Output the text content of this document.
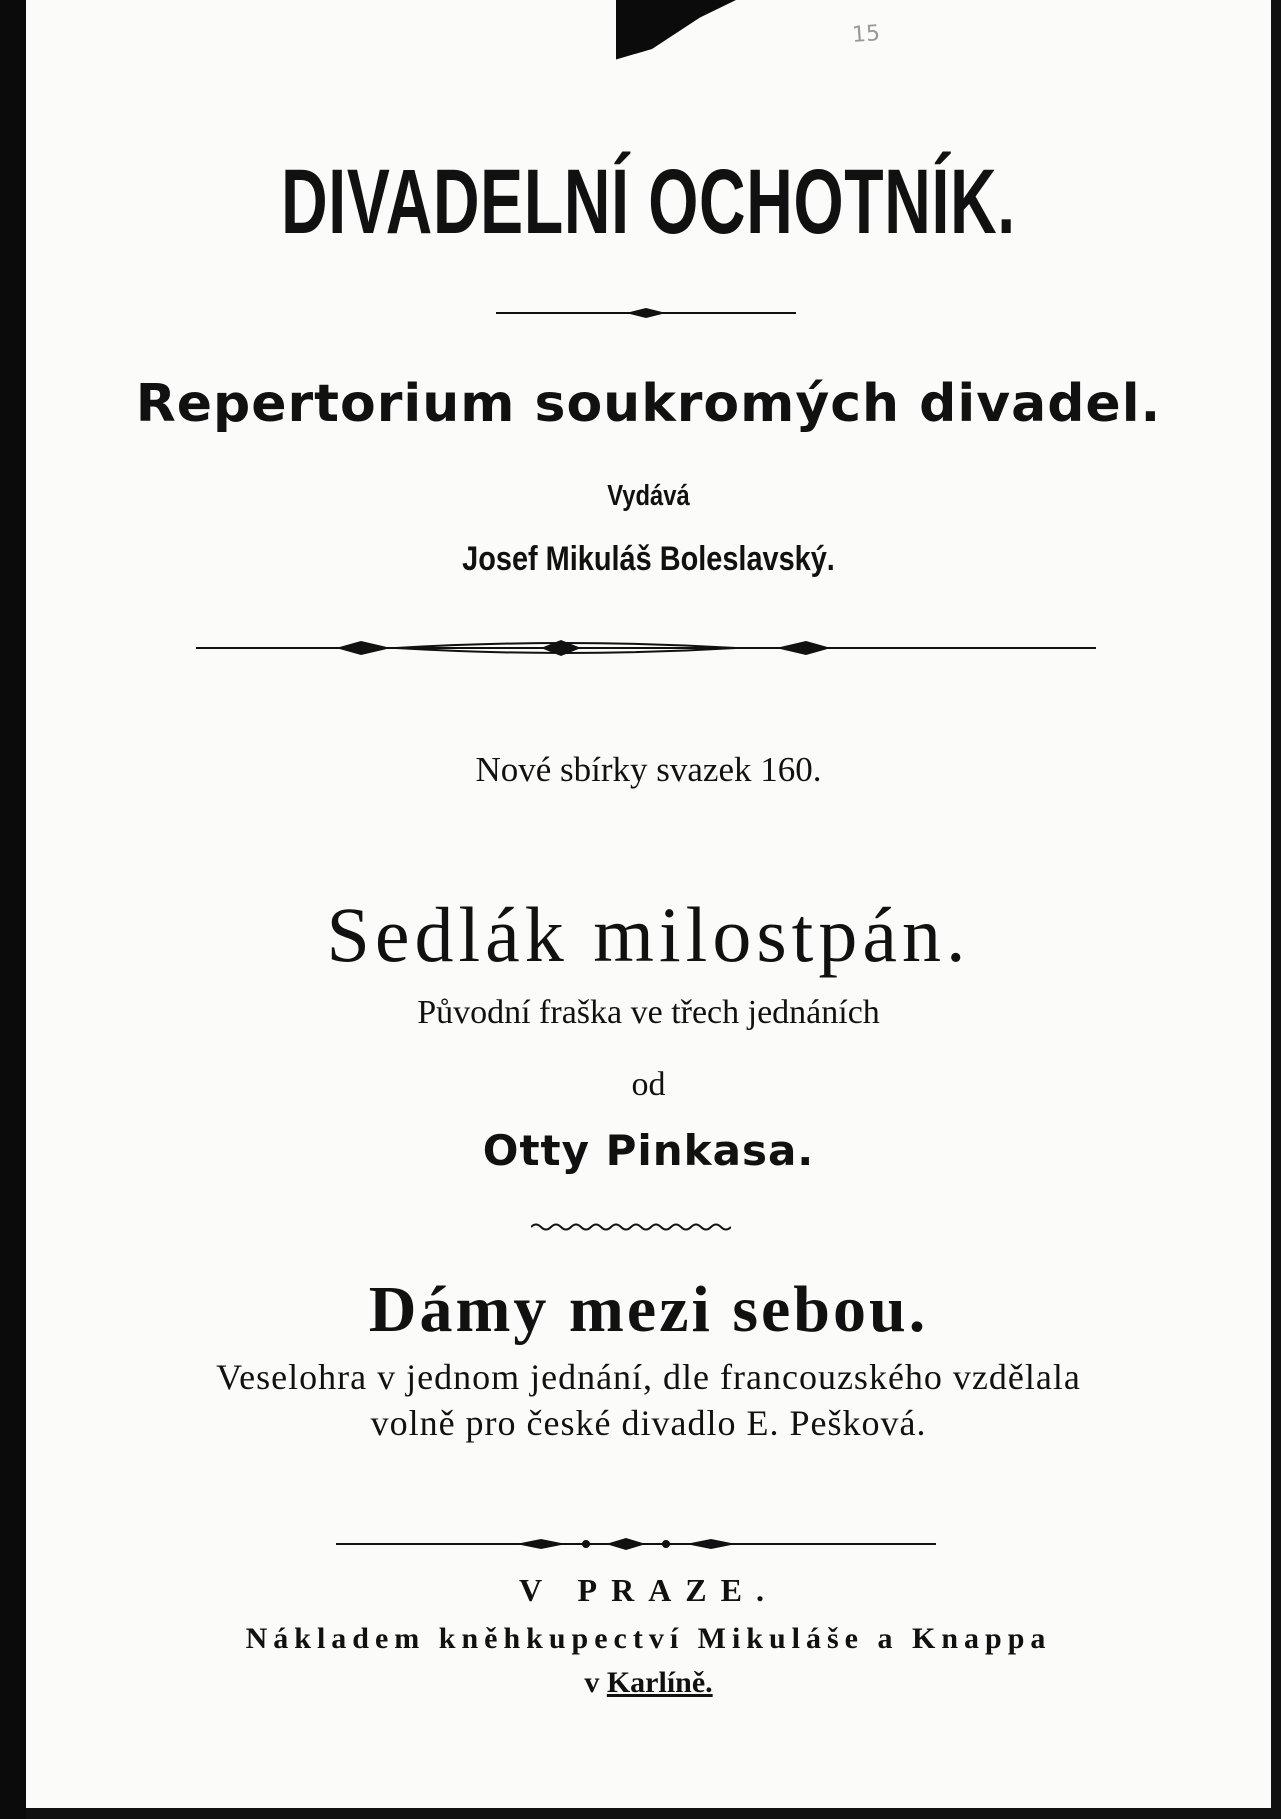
15
DIVADELNÍ OCHOTNÍK.
Repertorium soukromých divadel.
Vydává
Josef Mikuláš Boleslavský.
Nové sbírky svazek 160.
Sedlák milostpán.
Původní fraška ve třech jednáních
od
Otty Pinkasa.
Dámy mezi sebou.
Veselohra v jednom jednání, dle francouzského vzdělala
volně pro české divadlo E. Pešková.
V PRAZE.
Nákladem kněhkupectví Mikuláše a Knappa
v Karlíně.
